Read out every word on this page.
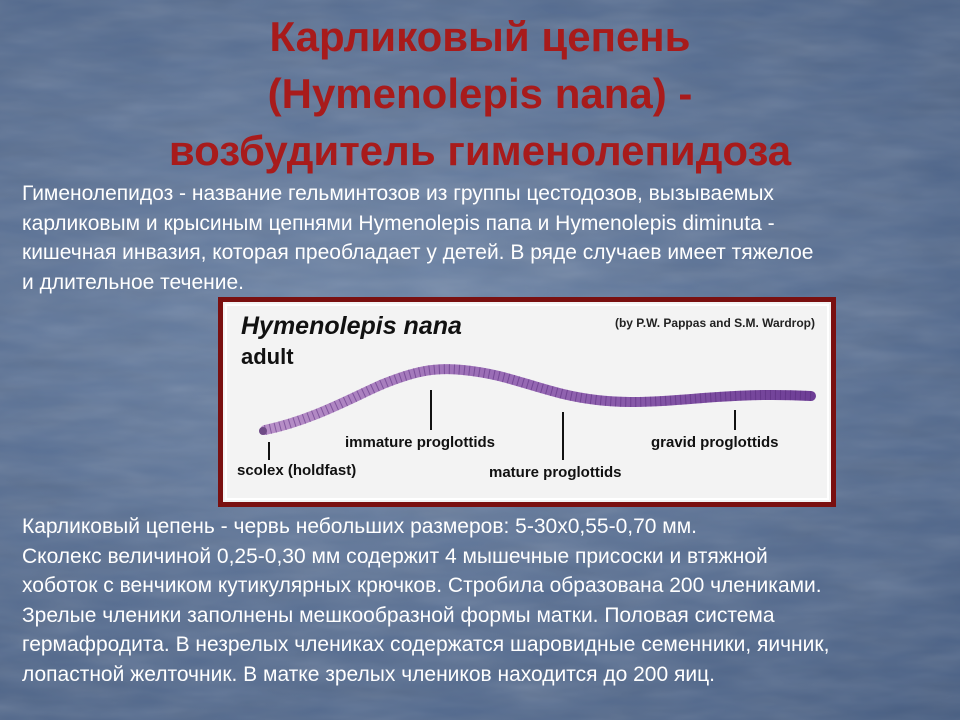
Карликовый цепень
(Hymenolepis nana) -
возбудитель гименолепидоза
Гименолепидоз - название гельминтозов из группы цестодозов, вызываемых
карликовым и крысиным цепнями Hymenolepis папа и Hymenolepis diminuta -
кишечная инвазия, которая преобладает у детей. В ряде случаев имеет тяжелое
и длительное течение.
Hymenolepis nana
adult
(by P.W. Pappas and S.M. Wardrop)
scolex (holdfast)
immature proglottids
mature proglottids
gravid proglottids
Карликовый цепень - червь небольших размеров: 5-30х0,55-0,70 мм.
Сколекс величиной 0,25-0,30 мм содержит 4 мышечные присоски и втяжной
хоботок с венчиком кутикулярных крючков. Стробила образована 200 члениками.
Зрелые членики заполнены мешкообразной формы матки. Половая система
гермафродита. В незрелых члениках содержатся шаровидные семенники, яичник,
лопастной желточник. В матке зрелых члеников находится до 200 яиц.
